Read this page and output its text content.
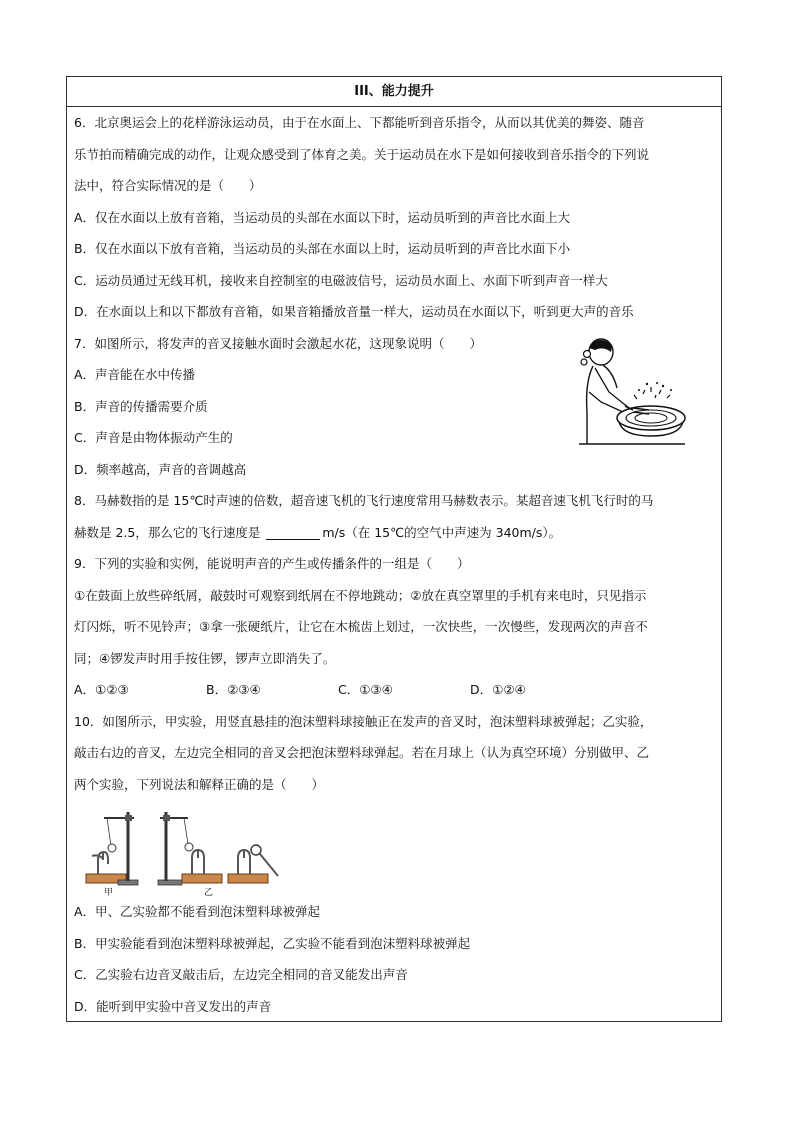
III、能力提升
6．北京奥运会上的花样游泳运动员，由于在水面上、下都能听到音乐指令，从而以其优美的舞姿、随音
乐节拍而精确完成的动作，让观众感受到了体育之美。关于运动员在水下是如何接收到音乐指令的下列说
法中，符合实际情况的是（　　）
A．仅在水面以上放有音箱，当运动员的头部在水面以下时，运动员听到的声音比水面上大
B．仅在水面以下放有音箱，当运动员的头部在水面以上时，运动员听到的声音比水面下小
C．运动员通过无线耳机，接收来自控制室的电磁波信号，运动员水面上、水面下听到声音一样大
D．在水面以上和以下都放有音箱，如果音箱播放音量一样大，运动员在水面以下，听到更大声的音乐
7．如图所示，将发声的音叉接触水面时会激起水花，这现象说明（　　）
A．声音能在水中传播
B．声音的传播需要介质
C．声音是由物体振动产生的
D．频率越高，声音的音调越高
8．马赫数指的是 15℃时声速的倍数，超音速飞机的飞行速度常用马赫数表示。某超音速飞机飞行时的马
赫数是 2.5，那么它的飞行速度是	m/s（在 15℃的空气中声速为 340m/s）。
9．下列的实验和实例，能说明声音的产生或传播条件的一组是（　　）
①在鼓面上放些碎纸屑，敲鼓时可观察到纸屑在不停地跳动；②放在真空罩里的手机有来电时，只见指示
灯闪烁，听不见铃声；③拿一张硬纸片，让它在木梳齿上划过，一次快些，一次慢些，发现两次的声音不
同；④锣发声时用手按住锣，锣声立即消失了。
A．①②③	B．②③④	C．①③④	D．①②④
10．如图所示，甲实验，用竖直悬挂的泡沫塑料球接触正在发声的音叉时，泡沫塑料球被弹起；乙实验，
敲击右边的音叉，左边完全相同的音叉会把泡沫塑料球弹起。若在月球上（认为真空环境）分别做甲、乙
两个实验，下列说法和解释正确的是（　　）
甲	乙
A．甲、乙实验都不能看到泡沫塑料球被弹起
B．甲实验能看到泡沫塑料球被弹起，乙实验不能看到泡沫塑料球被弹起
C．乙实验右边音叉敲击后，左边完全相同的音叉能发出声音
D．能听到甲实验中音叉发出的声音
